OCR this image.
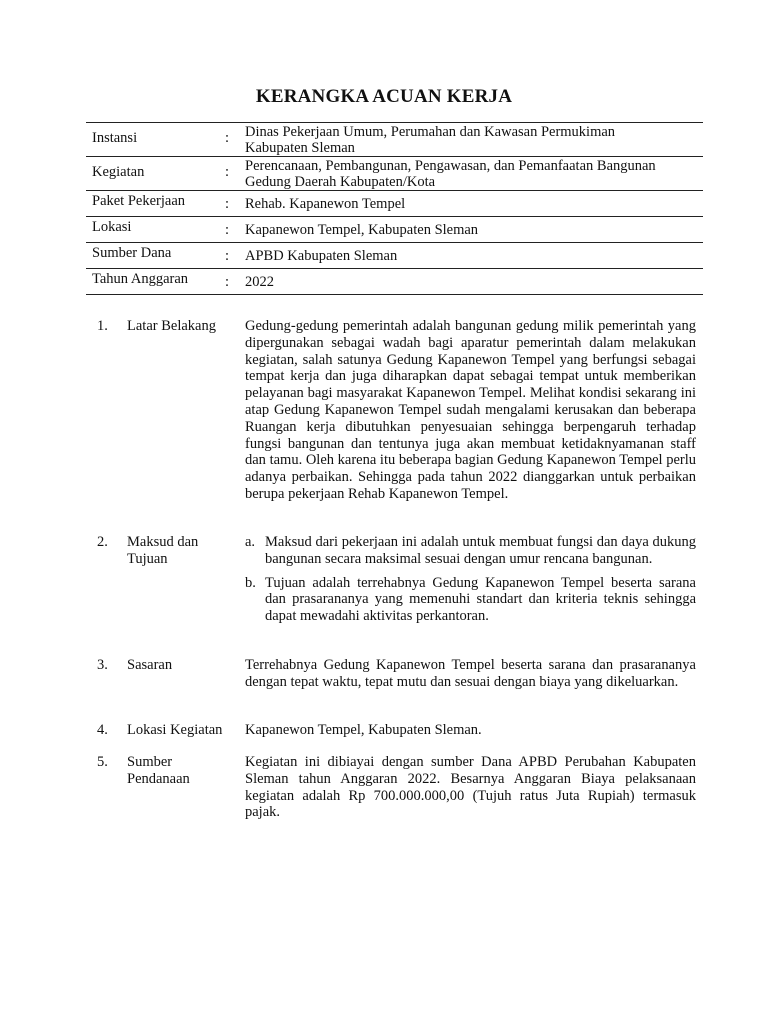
KERANGKA ACUAN KERJA
Instansi	:	Dinas Pekerjaan Umum, Perumahan dan Kawasan Permukiman
Kabupaten Sleman
Kegiatan	:	Perencanaan, Pembangunan, Pengawasan, dan Pemanfaatan Bangunan
Gedung Daerah Kabupaten/Kota
Paket Pekerjaan	:	Rehab. Kapanewon Tempel
Lokasi	:	Kapanewon Tempel, Kabupaten Sleman
Sumber Dana	:	APBD Kabupaten Sleman
Tahun Anggaran	:	2022
1. Latar Belakang	Gedung-gedung pemerintah adalah bangunan gedung milik pemerintah yang dipergunakan sebagai wadah bagi aparatur pemerintah dalam melakukan kegiatan, salah satunya Gedung Kapanewon Tempel yang berfungsi sebagai tempat kerja dan juga diharapkan dapat sebagai tempat untuk memberikan pelayanan bagi masyarakat Kapanewon Tempel. Melihat kondisi sekarang ini atap Gedung Kapanewon Tempel sudah mengalami kerusakan dan beberapa Ruangan kerja dibutuhkan penyesuaian sehingga berpengaruh terhadap fungsi bangunan dan tentunya juga akan membuat ketidaknyamanan staff dan tamu. Oleh karena itu beberapa bagian Gedung Kapanewon Tempel perlu adanya perbaikan. Sehingga pada tahun 2022 dianggarkan untuk perbaikan berupa pekerjaan Rehab Kapanewon Tempel.
2. Maksud dan
Tujuan
a. Maksud dari pekerjaan ini adalah untuk membuat fungsi dan daya dukung bangunan secara maksimal sesuai dengan umur rencana bangunan.
b. Tujuan adalah terrehabnya Gedung Kapanewon Tempel beserta sarana dan prasarananya yang memenuhi standart dan kriteria teknis sehingga dapat mewadahi aktivitas perkantoran.
3. Sasaran	Terrehabnya Gedung Kapanewon Tempel beserta sarana dan prasarananya dengan tepat waktu, tepat mutu dan sesuai dengan biaya yang dikeluarkan.
4. Lokasi Kegiatan	Kapanewon Tempel, Kabupaten Sleman.
5. Sumber
Pendanaan
Kegiatan ini dibiayai dengan sumber Dana APBD Perubahan Kabupaten Sleman tahun Anggaran 2022. Besarnya Anggaran Biaya pelaksanaan kegiatan adalah Rp 700.000.000,00 (Tujuh ratus Juta Rupiah) termasuk pajak.
